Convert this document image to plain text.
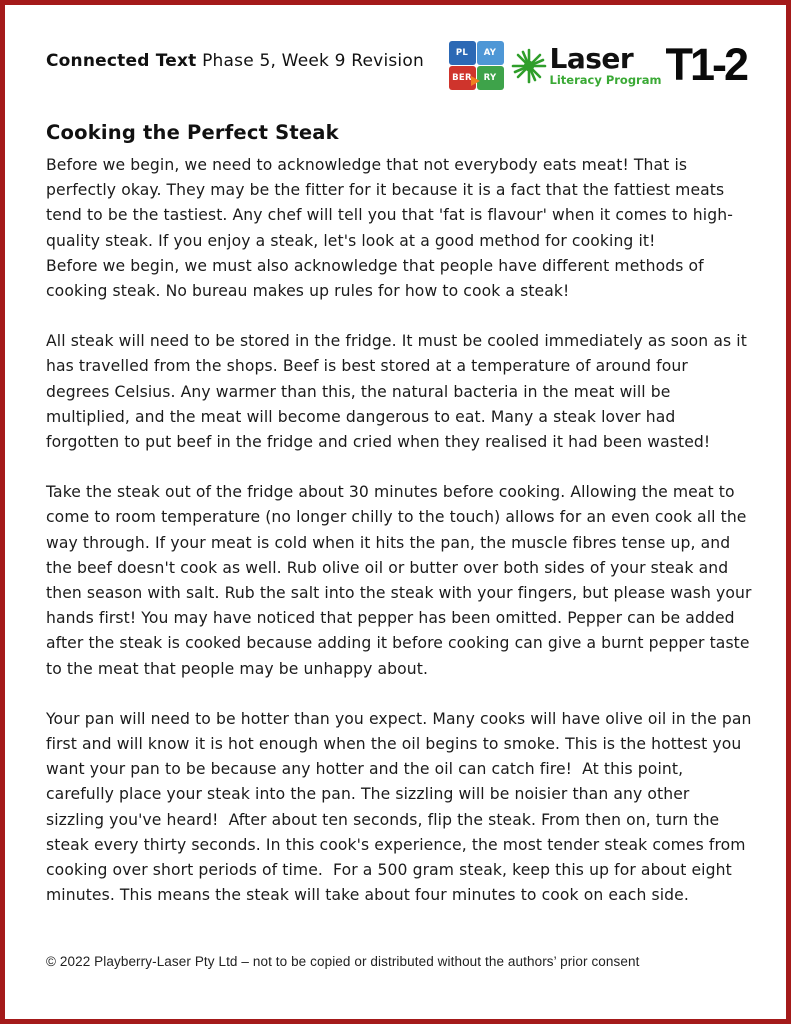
Connected Text Phase 5, Week 9 Revision	PL	AY
BER	RY
Laser
Literacy Program T1-2
Cooking the Perfect Steak

Before we begin, we need to acknowledge that not everybody eats meat! That is perfectly okay. They may be the fitter for it because it is a fact that the fattiest meats tend to be the tastiest. Any chef will tell you that 'fat is flavour' when it comes to high-quality steak. If you enjoy a steak, let's look at a good method for cooking it!

Before we begin, we must also acknowledge that people have different methods of cooking steak. No bureau makes up rules for how to cook a steak!

All steak will need to be stored in the fridge. It must be cooled immediately as soon as it has travelled from the shops. Beef is best stored at a temperature of around four degrees Celsius. Any warmer than this, the natural bacteria in the meat will be multiplied, and the meat will become dangerous to eat. Many a steak lover had forgotten to put beef in the fridge and cried when they realised it had been wasted!

Take the steak out of the fridge about 30 minutes before cooking. Allowing the meat to come to room temperature (no longer chilly to the touch) allows for an even cook all the way through. If your meat is cold when it hits the pan, the muscle fibres tense up, and the beef doesn't cook as well. Rub olive oil or butter over both sides of your steak and then season with salt. Rub the salt into the steak with your fingers, but please wash your hands first! You may have noticed that pepper has been omitted. Pepper can be added after the steak is cooked because adding it before cooking can give a burnt pepper taste to the meat that people may be unhappy about.

Your pan will need to be hotter than you expect. Many cooks will have olive oil in the pan first and will know it is hot enough when the oil begins to smoke. This is the hottest you want your pan to be because any hotter and the oil can catch fire!  At this point, carefully place your steak into the pan. The sizzling will be noisier than any other sizzling you've heard!  After about ten seconds, flip the steak. From then on, turn the steak every thirty seconds. In this cook's experience, the most tender steak comes from cooking over short periods of time.  For a 500 gram steak, keep this up for about eight minutes. This means the steak will take about four minutes to cook on each side.

© 2022 Playberry-Laser Pty Ltd – not to be copied or distributed without the authors’ prior consent
